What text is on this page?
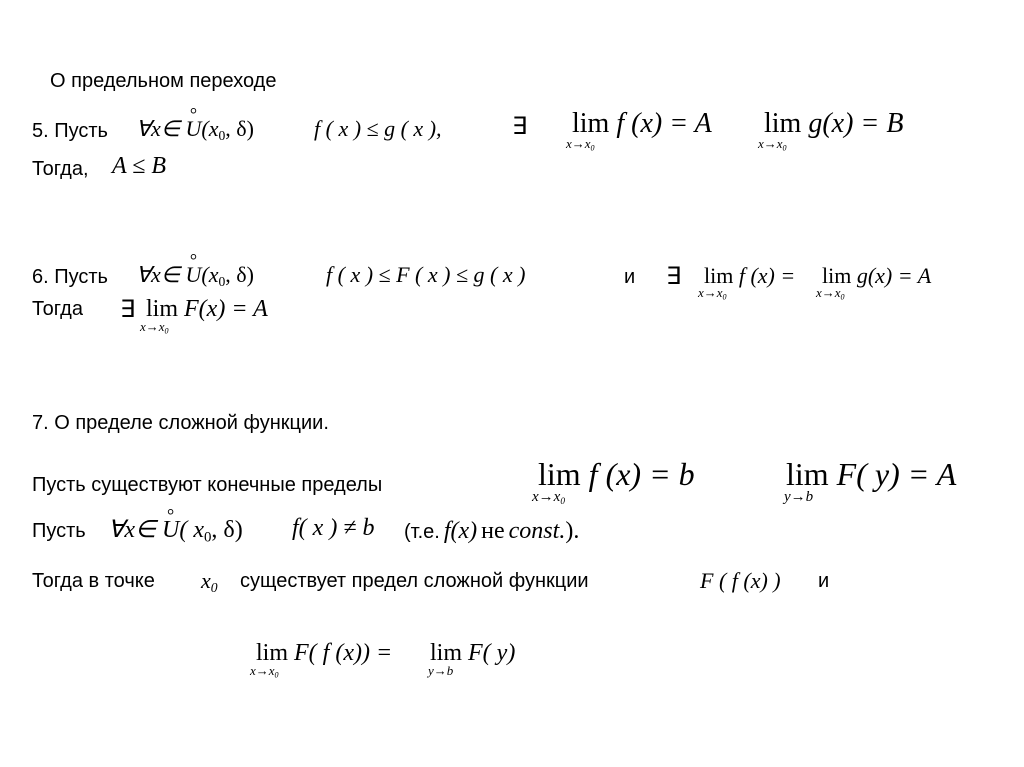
О предельном переходе
5. Пусть ∀x∈ ° $U(x_0$, δ)	f ( x ) ≤ g ( x ),	∃ lim
$x\to x_0$
f (x) = A lim
$x\to x_0$
g(x) = B
Тогда, A ≤ B
6. Пусть ∀x∈ ° $U(x_0$, δ)	f ( x ) ≤ F ( x ) ≤ g ( x )	и ∃ lim
$x\to x_0$
f (x) = lim
$x\to x_0$
g(x) = A
Тогда ∃ lim
$x\to x_0$
F(x) = A
7. О пределе сложной функции.
Пусть существуют конечные пределы	lim
$x\to x_0$
f (x) = b	lim
y→b
F( y) = A
Пусть ∀x∈ ° U( $x_0$, δ) f( x ) ≠ b (т.е. f(x) не const.).
Тогда в точке $x_0$ существует предел сложной функции	F ( f (x) ) и
lim
$x\to x_0$
F( f (x)) = lim
y→b
F( y)
